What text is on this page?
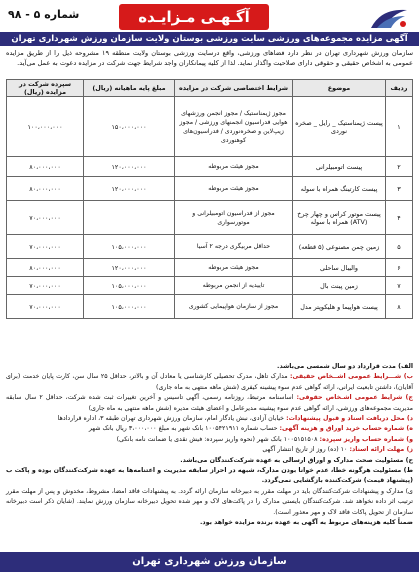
شماره ۵ - ۹۸	آگـهـی مـزایـده
آگهی مزایده مجموعه‌های ورزشی سایت ورزشی بوستان ولایت سازمان ورزش شهرداری تهران
سازمان ورزش شهرداری تهران در نظر دارد فضاهای ورزشی، واقع درسایت ورزشی بوستان ولایت منطقه ۱۹ مشروحه ذیل را از طریق مزایده عمومی به اشخاص حقیقی و حقوقی دارای صلاحیت واگذار نماید. لذا از کلیه پیمانکاران واجد شرایط جهت شرکت در مزایده دعوت به عمل می‌آید.
ردیف	موضوع	شرایط اختصاصی شرکت در مزایده	مبلغ پایه ماهیانه (ریال)	سپرده شرکت در مزایده (ریال)
۱	پیست ژیمناستیک _ رایل _ صخره نوردی	مجوز ژیمناستیک / مجوز انجمن ورزشهای هوایی فدراسیون انجمنهای ورزشی / مجوز زیپ‌لاین و صخره‌نوردی / فدراسیون‌های کوهنوردی	۱۵۰،۰۰۰،۰۰۰	۱۰۰،۰۰۰،۰۰۰
۲	پیست اتومبیلرانی	مجوز هیئت مربوطه	۱۲۰،۰۰۰،۰۰۰	۸۰،۰۰۰،۰۰۰
۳	پیست کارتینگ همراه با سوله	مجوز هیئت مربوطه	۱۲۰،۰۰۰،۰۰۰	۸۰،۰۰۰،۰۰۰
۴	پیست موتور کراس و چهار چرخ (ATV) همراه با سوله	مجوز از فدراسیون اتومبیلرانی و موتورسواری		۷۰،۰۰۰،۰۰۰
۵	زمین چمن مصنوعی (۵ قطعه)	حداقل مربیگری درجه ۲ آسیا	۱۰۵،۰۰۰،۰۰۰	۷۰،۰۰۰،۰۰۰
۶	والیبال ساحلی	مجوز هیئت مربوطه	۱۲۰،۰۰۰،۰۰۰	۸۰،۰۰۰،۰۰۰
۷	زمین پینت بال	تاییدیه از انجمن مربوطه	۱۰۵،۰۰۰،۰۰۰	۷۰،۰۰۰،۰۰۰
۸	پیست هواپیما و هلیکوپتر مدل	مجوز از سازمان هواپیمایی کشوری	۱۰۵،۰۰۰،۰۰۰	۷۰،۰۰۰،۰۰۰

الف) مدت قرارداد دو سال شمسی می‌باشد.

ب) شـــرایط عمومی اشــخاص حقیقی: مدارک تاهل، مدرک تحصیلی کارشناسی یا معادل آن و بالاتر، حداقل ۲۵ سال سن، کارت پایان خدمت (برای آقایان)، داشتن تابعیت ایرانی، ارائه گواهی عدم سوء پیشینه کیفری (شش ماهه منتهی به ماه جاری)

ج) شرایط عمومی اشـخاص حقوقی: اساسنامه مرتبط، روزنامه رسمی، آگهی تاسیس و آخرین تغییرات ثبت شده شرکت، حداقل ۲ سال سابقه مدیریت مجموعه‌های ورزشی، ارائه گواهی عدم سوء پیشینه مدیرعامل و اعضای هیئت مدیره (شش ماهه منتهی به ماه جاری)

د) محل دریافت اسناد و قبول پیشنهادات: خیابان آزادی، نبش یادگار امام، سازمان ورزش شهرداری تهران طبقه ۳، اداره قراردادها

ه) شماره حساب خرید اوراق و هزینه آگهی: حساب شماره ۱۰۰۵۴۲۱۹۱۱ بانک شهر به مبلغ ۳،۰۰۰،۰۰۰ ریال بانک شهر

و) شماره حساب واریز سپرده: ۱۰۰۵۱۵۱۵۰۸ بانک شهر (نحوه واریز سپرده: فیش نقدی یا ضمانت نامه بانکی)

ز) مهلت ارائه اسناد: ۱۰ (ده) روز از تاریخ انتشار آگهی

ح) مسئولیت صحت مدارک و اوراق ارسالی به عهده شرکت‌کنندگان می‌باشد.

ط) مسئولیت هرگونه خطا، عدم خوانا بودن مدارک، شبهه در احراز سابقه مدیریت و اعتنامه‌ها به عهده شرکت‌کنندگان بوده و پاکت ب (پیشنهاد قیمت) شرکت‌کننده بازگشایی نمی‌گردد.

ی) مدارک و پیشنهادات شرکت‌کنندگان باید در مهلت مقرر به دبیرخانه سازمان ارائه گردد. به پیشنهادات فاقد امضا، مشروط، مخدوش و پس از مهلت مقرر ترتیب اثر داده نخواهد شد. شرکت‌کنندگان بایستی مدارک را در پاکت‌های لاک و مهر شده تحویل دبیرخانه سازمان ورزش نمایند. (شایان ذکر است دبیرخانه سازمان از تحویل پاکات فاقد لاک و مهر معذور است).

ضمناً کلیه هزینه‌های مربوط به آگهی به عهده برنده مزایده خواهد بود.

سازمان ورزش شهرداری تهران
